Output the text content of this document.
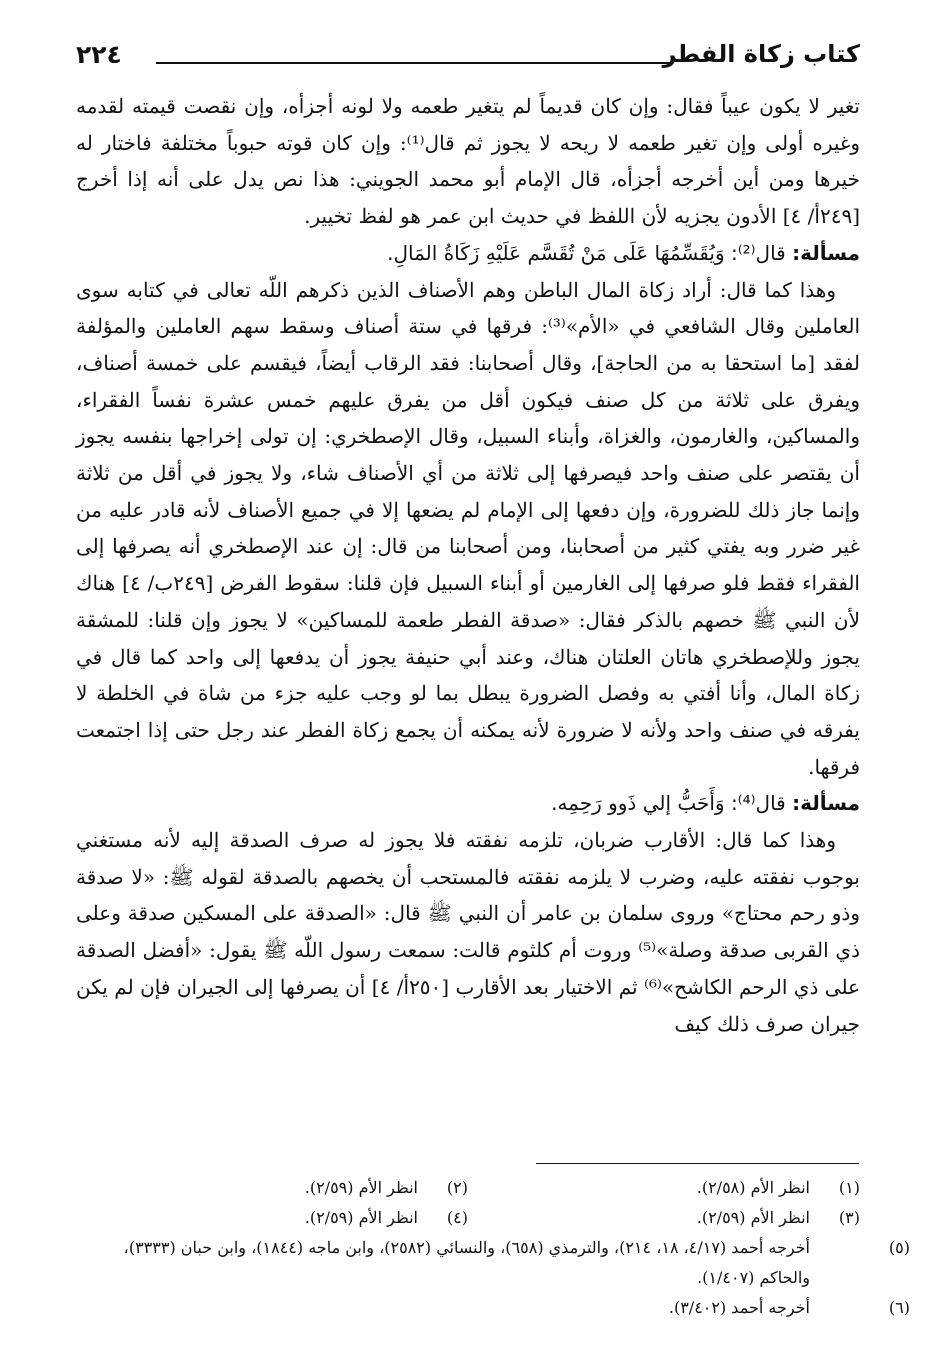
٢٢٤	كتاب زكاة الفطر

تغير لا يكون عيباً فقال: وإن كان قديماً لم يتغير طعمه ولا لونه أجزأه، وإن نقصت قيمته لقدمه وغيره أولى وإن تغير طعمه لا ريحه لا يجوز ثم قال⁽¹⁾: وإن كان قوته حبوباً مختلفة فاختار له خيرها ومن أين أخرجه أجزأه، قال الإمام أبو محمد الجويني: هذا نص يدل على أنه إذا أخرج [٢٤٩أ/ ٤] الأدون يجزيه لأن اللفظ في حديث ابن عمر هو لفظ تخيير.

مسألة: قال⁽²⁾: وَيُقَسِّمُهَا عَلَى مَنْ تُقَسَّم عَلَيْهِ زَكَاةُ المَالِ.

وهذا كما قال: أراد زكاة المال الباطن وهم الأصناف الذين ذكرهم اللّه تعالى في كتابه سوى العاملين وقال الشافعي في «الأم»⁽³⁾: فرقها في ستة أصناف وسقط سهم العاملين والمؤلفة لفقد [ما استحقا به من الحاجة]، وقال أصحابنا: فقد الرقاب أيضاً، فيقسم على خمسة أصناف، ويفرق على ثلاثة من كل صنف فيكون أقل من يفرق عليهم خمس عشرة نفساً الفقراء، والمساكين، والغارمون، والغزاة، وأبناء السبيل، وقال الإصطخري: إن تولى إخراجها بنفسه يجوز أن يقتصر على صنف واحد فيصرفها إلى ثلاثة من أي الأصناف شاء، ولا يجوز في أقل من ثلاثة وإنما جاز ذلك للضرورة، وإن دفعها إلى الإمام لم يضعها إلا في جميع الأصناف لأنه قادر عليه من غير ضرر وبه يفتي كثير من أصحابنا، ومن أصحابنا من قال: إن عند الإصطخري أنه يصرفها إلى الفقراء فقط فلو صرفها إلى الغارمين أو أبناء السبيل فإن قلنا: سقوط الفرض [٢٤٩ب/ ٤] هناك لأن النبي ﷺ خصهم بالذكر فقال: «صدقة الفطر طعمة للمساكين» لا يجوز وإن قلنا: للمشقة يجوز وللإصطخري هاتان العلتان هناك، وعند أبي حنيفة يجوز أن يدفعها إلى واحد كما قال في زكاة المال، وأنا أفتي به وفصل الضرورة يبطل بما لو وجب عليه جزء من شاة في الخلطة لا يفرقه في صنف واحد ولأنه لا ضرورة لأنه يمكنه أن يجمع زكاة الفطر عند رجل حتى إذا اجتمعت فرقها.

مسألة: قال⁽⁴⁾: وَأَحَبُّ إلي ذَوو رَحِمِه.

وهذا كما قال: الأقارب ضربان، تلزمه نفقته فلا يجوز له صرف الصدقة إليه لأنه مستغني بوجوب نفقته عليه، وضرب لا يلزمه نفقته فالمستحب أن يخصهم بالصدقة لقوله ﷺ: «لا صدقة وذو رحم محتاج» وروى سلمان بن عامر أن النبي ﷺ قال: «الصدقة على المسكين صدقة وعلى ذي القربى صدقة وصلة»⁽⁵⁾ وروت أم كلثوم قالت: سمعت رسول اللّه ﷺ يقول: «أفضل الصدقة على ذي الرحم الكاشح»⁽⁶⁾ ثم الاختيار بعد الأقارب [٢٥٠أ/ ٤] أن يصرفها إلى الجيران فإن لم يكن جيران صرف ذلك كيف

(١)انظر الأم (٢/٥٨).
(٢)انظر الأم (٢/٥٩).
(٣)انظر الأم (٢/٥٩).
(٤)انظر الأم (٢/٥٩).
(٥)أخرجه أحمد (٤/١٧، ١٨، ٢١٤)، والترمذي (٦٥٨)، والنسائي (٢٥٨٢)، وابن ماجه (١٨٤٤)، وابن حبان (٣٣٣٣)، والحاكم (١/٤٠٧).
(٦)أخرجه أحمد (٣/٤٠٢).
